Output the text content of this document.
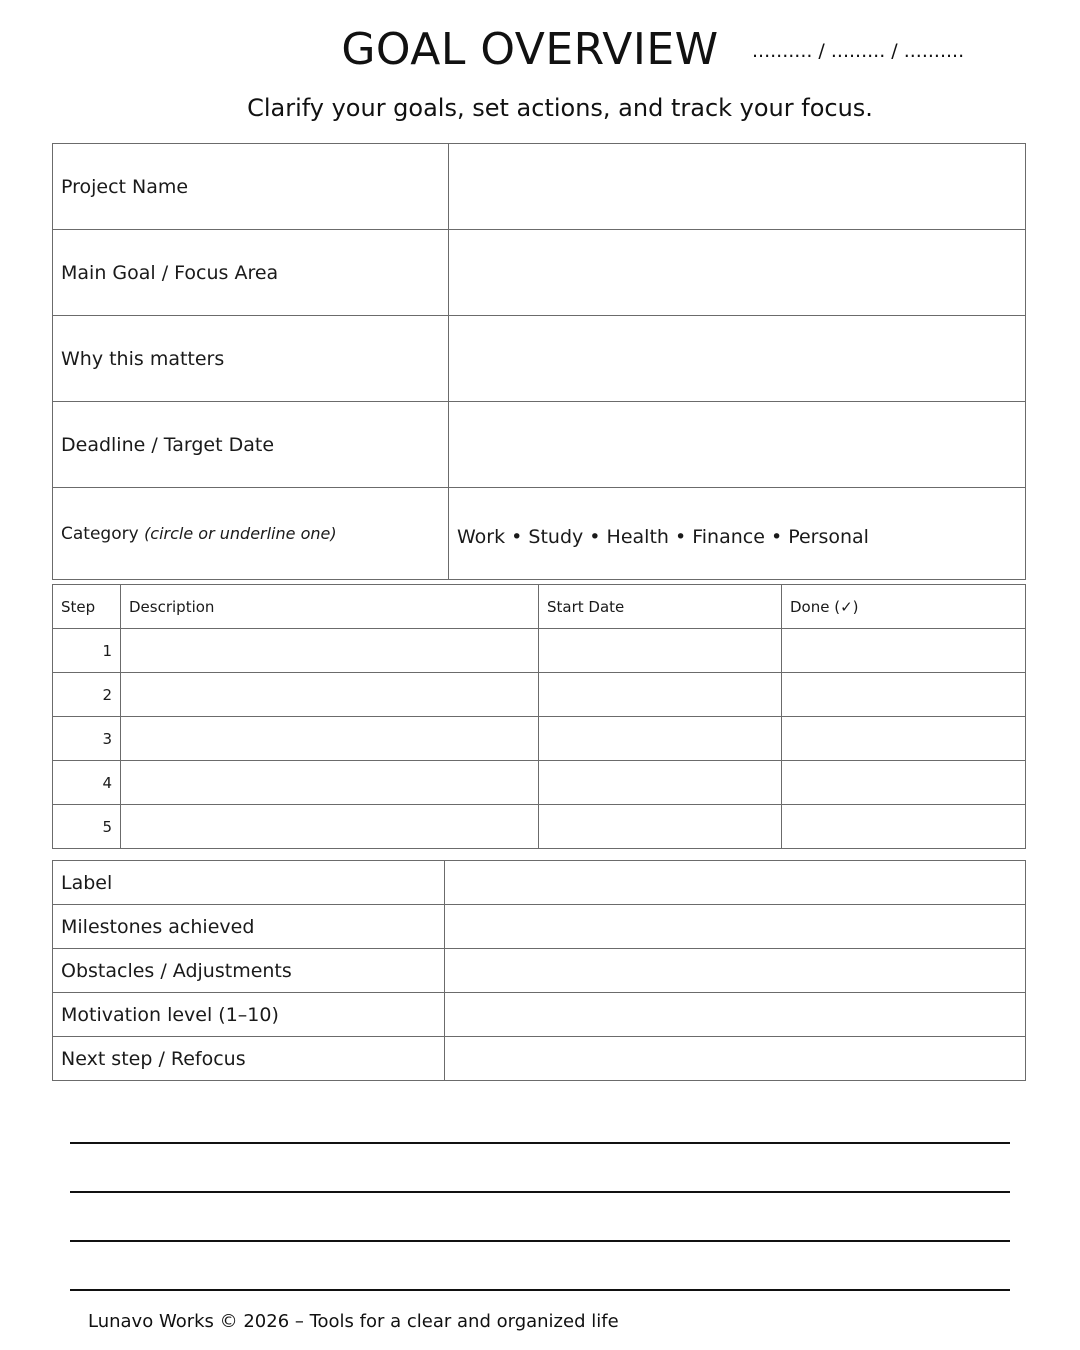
GOAL OVERVIEW	.......... / ......... / ..........
Clarify your goals, set actions, and track your focus.
Project Name	
Main Goal / Focus Area	
Why this matters	
Deadline / Target Date	
Category (circle or underline one)	Work • Study • Health • Finance • Personal
Step	Description	Start Date	Done (✓)
1			
2			
3			
4			
5			
Label	
Milestones achieved	
Obstacles / Adjustments	
Motivation level (1–10)	
Next step / Refocus	
Lunavo Works © 2026 – Tools for a clear and organized life
